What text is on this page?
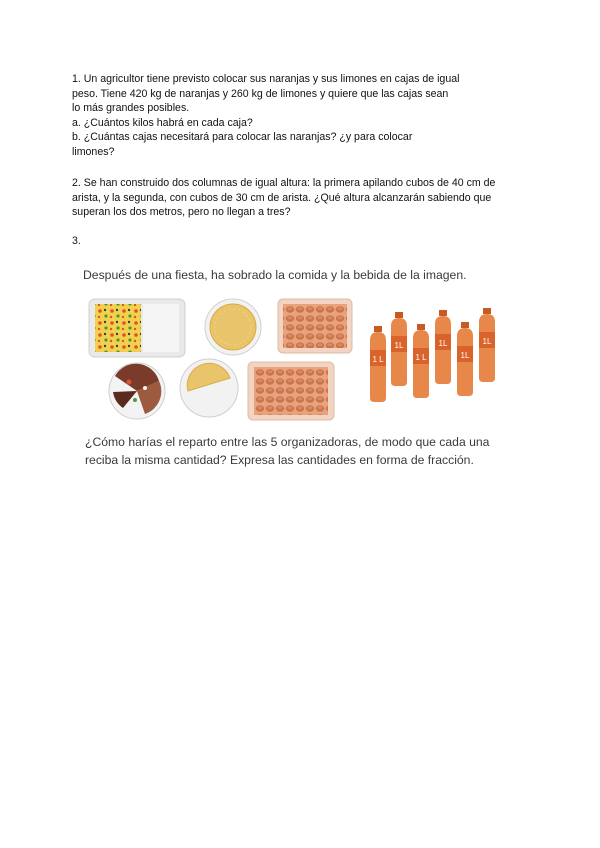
1. Un agricultor tiene previsto colocar sus naranjas y sus limones en cajas de igual
peso. Tiene 420 kg de naranjas y 260 kg de limones y quiere que las cajas sean
lo más grandes posibles.
a. ¿Cuántos kilos habrá en cada caja?
b. ¿Cuántas cajas necesitará para colocar las naranjas? ¿y para colocar
limones?
2. Se han construido dos columnas de igual altura: la primera apilando cubos de 40 cm de
arista, y la segunda, con cubos de 30 cm de arista. ¿Qué altura alcanzarán sabiendo que
superan los dos metros, pero no llegan a tres?
3.
Después de una fiesta, ha sobrado la comida y la bebida de la imagen.
1 L
1L
1 L
1L
1L
1L
¿Cómo harías el reparto entre las 5 organizadoras, de modo que cada una
reciba la misma cantidad? Expresa las cantidades en forma de fracción.
